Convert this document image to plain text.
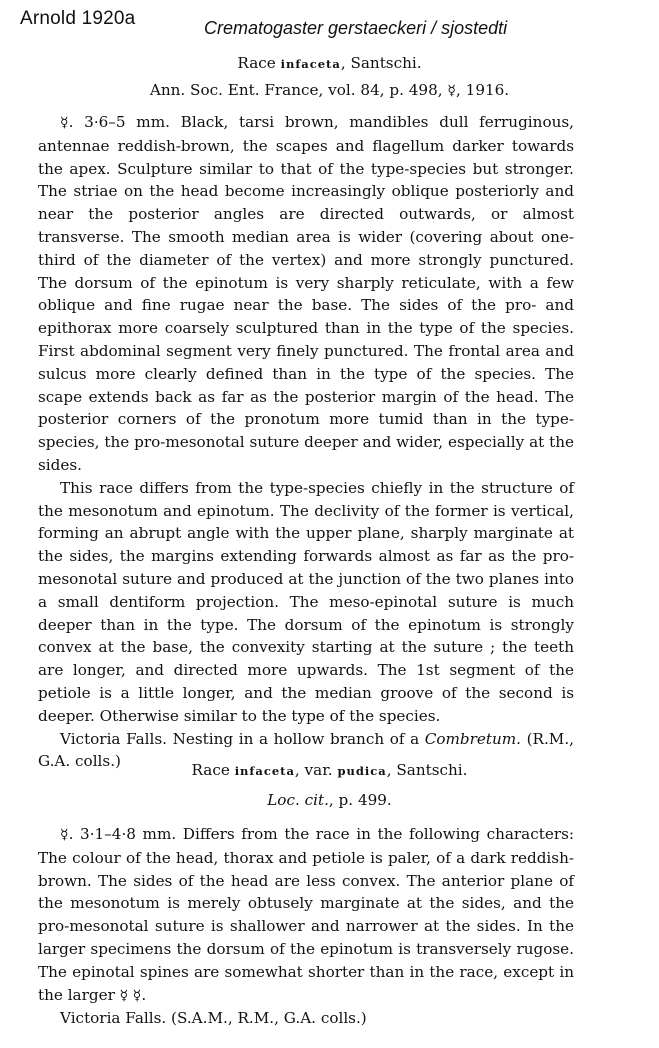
Arnold 1920a	Crematogaster gerstaeckeri / sjostedti
Race infaceta, Santschi.
Ann. Soc. Ent. France, vol. 84, p. 498, ☿, 1916.

☿. 3·6–5 mm. Black, tarsi brown, mandibles dull ferruginous, antennae reddish-brown, the scapes and flagellum darker towards the apex. Sculpture similar to that of the type-species but stronger. The striae on the head become increasingly oblique posteriorly and near the posterior angles are directed outwards, or almost transverse. The smooth median area is wider (covering about one-third of the diameter of the vertex) and more strongly punctured. The dorsum of the epinotum is very sharply reticulate, with a few oblique and fine rugae near the base. The sides of the pro- and epithorax more coarsely sculptured than in the type of the species. First abdominal segment very finely punctured. The frontal area and sulcus more clearly defined than in the type of the species. The scape extends back as far as the posterior margin of the head. The posterior corners of the pronotum more tumid than in the type-species, the pro-mesonotal suture deeper and wider, especially at the sides.

This race differs from the type-species chiefly in the structure of the mesonotum and epinotum. The declivity of the former is vertical, forming an abrupt angle with the upper plane, sharply marginate at the sides, the margins extending forwards almost as far as the pro-mesonotal suture and produced at the junction of the two planes into a small dentiform projection. The meso-epinotal suture is much deeper than in the type. The dorsum of the epinotum is strongly convex at the base, the convexity starting at the suture ; the teeth are longer, and directed more upwards. The 1st segment of the petiole is a little longer, and the median groove of the second is deeper. Otherwise similar to the type of the species.

Victoria Falls. Nesting in a hollow branch of a Combretum. (R.M., G.A. colls.)	Race infaceta, var. pudica, Santschi.
Loc. cit., p. 499.

☿. 3·1–4·8 mm. Differs from the race in the following characters: The colour of the head, thorax and petiole is paler, of a dark reddish-brown. The sides of the head are less convex. The anterior plane of the mesonotum is merely obtusely marginate at the sides, and the pro-mesonotal suture is shallower and narrower at the sides. In the larger specimens the dorsum of the epinotum is transversely rugose. The epinotal spines are somewhat shorter than in the race, except in the larger ☿ ☿.

Victoria Falls. (S.A.M., R.M., G.A. colls.)
